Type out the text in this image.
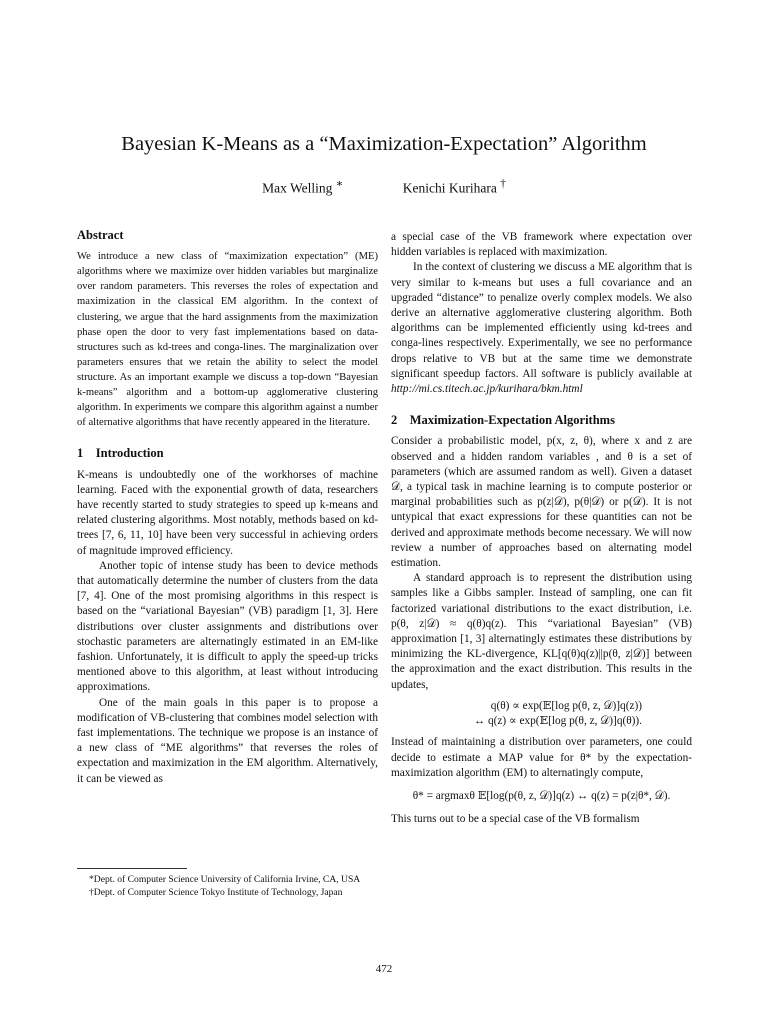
Bayesian K-Means as a “Maximization-Expectation” Algorithm
Max Welling ∗	Kenichi Kurihara †
Abstract

We introduce a new class of “maximization expectation” (ME) algorithms where we maximize over hidden variables but marginalize over random parameters. This reverses the roles of expectation and maximization in the classical EM algorithm. In the context of clustering, we argue that the hard assignments from the maximization phase open the door to very fast implementations based on data-structures such as kd-trees and conga-lines. The marginalization over parameters ensures that we retain the ability to select the model structure. As an important example we discuss a top-down “Bayesian k-means” algorithm and a bottom-up agglomerative clustering algorithm. In experiments we compare this algorithm against a number of alternative algorithms that have recently appeared in the literature.

1 Introduction

K-means is undoubtedly one of the workhorses of machine learning. Faced with the exponential growth of data, researchers have recently started to study strategies to speed up k-means and related clustering algorithms. Most notably, methods based on kd-trees [7, 6, 11, 10] have been very successful in achieving orders of magnitude improved efficiency.

Another topic of intense study has been to device methods that automatically determine the number of clusters from the data [7, 4]. One of the most promising algorithms in this respect is based on the “variational Bayesian” (VB) paradigm [1, 3]. Here distributions over cluster assignments and distributions over stochastic parameters are alternatingly estimated in an EM-like fashion. Unfortunately, it is difficult to apply the speed-up tricks mentioned above to this algorithm, at least without introducing approximations.

One of the main goals in this paper is to propose a modification of VB-clustering that combines model selection with fast implementations. The technique we propose is an instance of a new class of “ME algorithms” that reverses the roles of expectation and maximization in the EM algorithm. Alternatively, it can be viewed as

*Dept. of Computer Science University of California Irvine, CA, USA

†Dept. of Computer Science Tokyo Institute of Technology, Japan

a special case of the VB framework where expectation over hidden variables is replaced with maximization.

In the context of clustering we discuss a ME algorithm that is very similar to k-means but uses a full covariance and an upgraded “distance” to penalize overly complex models. We also derive an alternative agglomerative clustering algorithm. Both algorithms can be implemented efficiently using kd-trees and conga-lines respectively. Experimentally, we see no performance drops relative to VB but at the same time we demonstrate significant speedup factors. All software is publicly available at http://mi.cs.titech.ac.jp/kurihara/bkm.html

2 Maximization-Expectation Algorithms

Consider a probabilistic model, p(x, z, θ), where x and z are observed and a hidden random variables , and θ is a set of parameters (which are assumed random as well). Given a dataset 𝒟, a typical task in machine learning is to compute posterior or marginal probabilities such as p(z|𝒟), p(θ|𝒟) or p(𝒟). It is not untypical that exact expressions for these quantities can not be derived and approximate methods become necessary. We will now review a number of approaches based on alternating model estimation.

A standard approach is to represent the distribution using samples like a Gibbs sampler. Instead of sampling, one can fit factorized variational distributions to the exact distribution, i.e. p(θ, z|𝒟) ≈ q(θ)q(z). This “variational Bayesian” (VB) approximation [1, 3] alternatingly estimates these distributions by minimizing the KL-divergence, KL[q(θ)q(z)||p(θ, z|𝒟)] between the approximation and the exact distribution. This results in the updates,

q(θ) ∝ exp(𝔼[log p(θ, z, 𝒟)]q(z))
↔ q(z) ∝ exp(𝔼[log p(θ, z, 𝒟)]q(θ)).

Instead of maintaining a distribution over parameters, one could decide to estimate a MAP value for θ* by the expectation-maximization algorithm (EM) to alternatingly compute,

θ* = argmaxθ 𝔼[log(p(θ, z, 𝒟)]q(z) ↔ q(z) = p(z|θ*, 𝒟).

This turns out to be a special case of the VB formalism

472
